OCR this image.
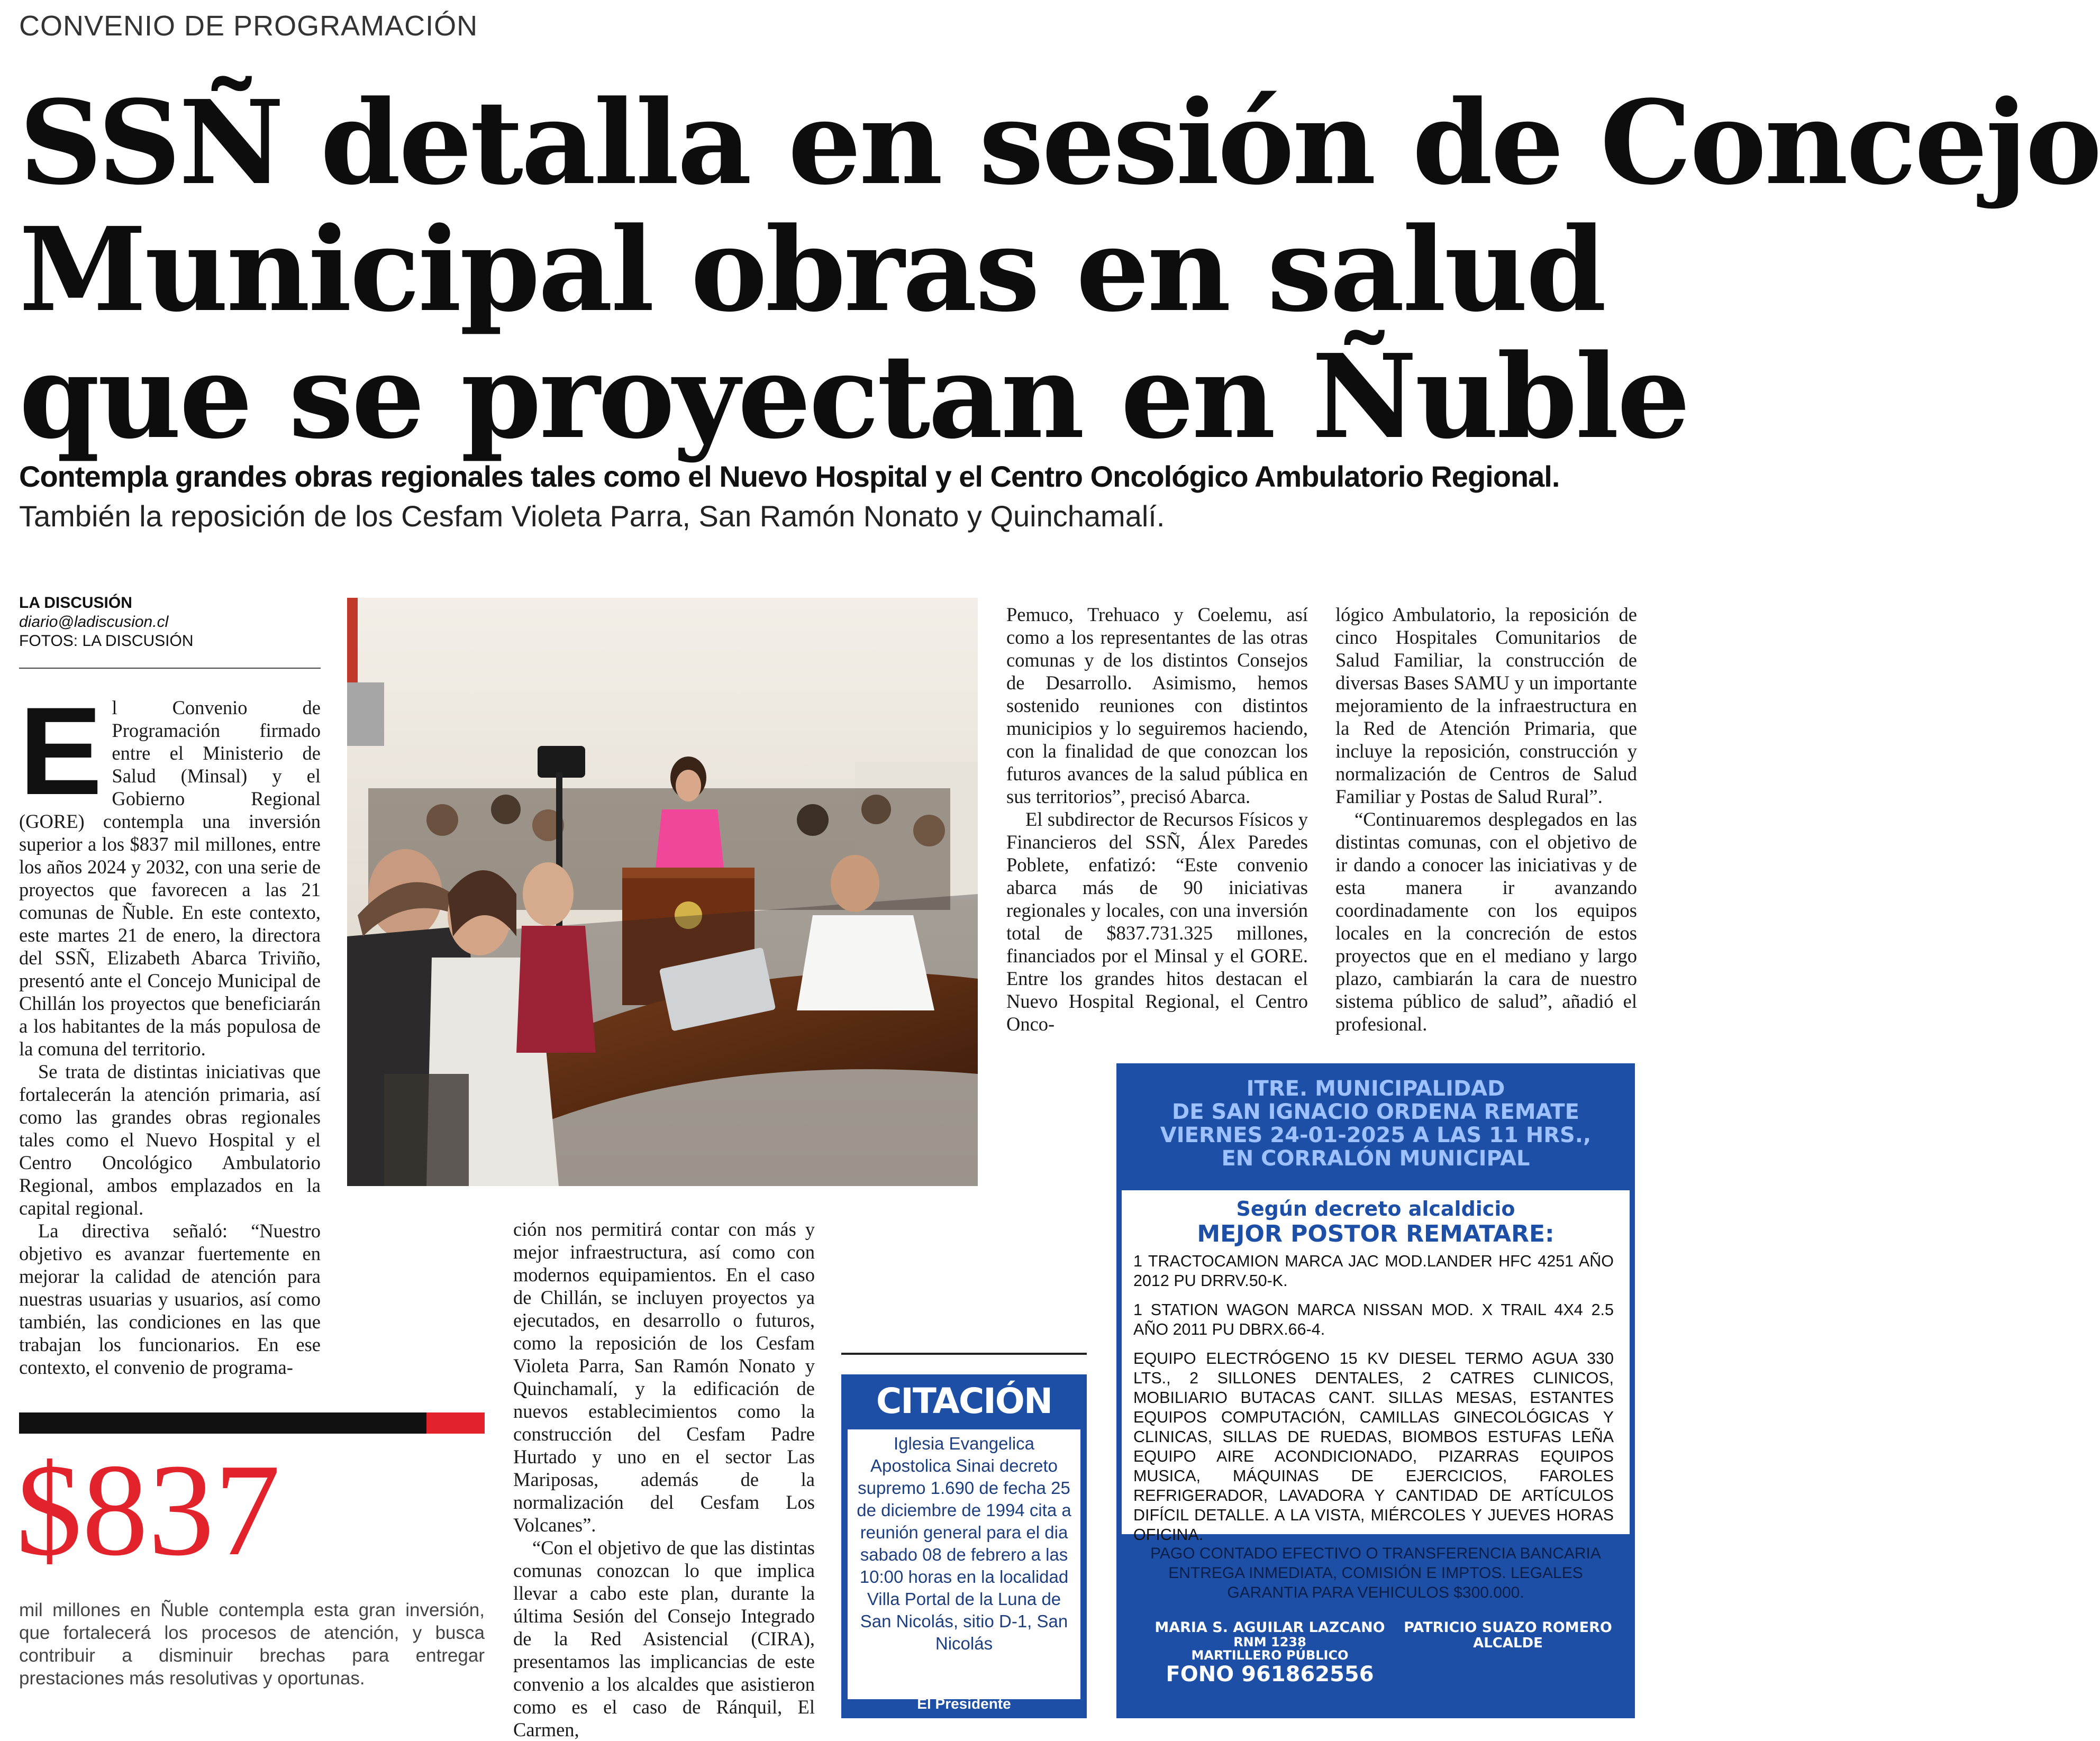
CONVENIO DE PROGRAMACIÓN
SSÑ detalla en sesión de Concejo
Municipal obras en salud
que se proyectan en Ñuble
Contempla grandes obras regionales tales como el Nuevo Hospital y el Centro Oncológico Ambulatorio Regional.
También la reposición de los Cesfam Violeta Parra, San Ramón Nonato y Quinchamalí.
LA DISCUSIÓN
diario@ladiscusion.cl
FOTOS: LA DISCUSIÓN

El Convenio de Programación firmado entre el Ministerio de Salud (Minsal) y el Gobierno Regional (GORE) contempla una inversión superior a los $837 mil millones, entre los años 2024 y 2032, con una serie de proyectos que favorecen a las 21 comunas de Ñuble. En este contexto, este martes 21 de enero, la directora del SSÑ, Elizabeth Abarca Triviño, presentó ante el Concejo Municipal de Chillán los proyectos que beneficiarán a los habitantes de la más populosa de la comuna del territorio.

Se trata de distintas iniciativas que fortalecerán la atención primaria, así como las grandes obras regionales tales como el Nuevo Hospital y el Centro Oncológico Ambulatorio Regional, ambos emplazados en la capital regional.

La directiva señaló: “Nuestro objetivo es avanzar fuertemente en mejorar la calidad de atención para nuestras usuarias y usuarios, así como también, las condiciones en las que trabajan los funcionarios. En ese contexto, el convenio de programa-

ción nos permitirá contar con más y mejor infraestructura, así como con modernos equipamientos. En el caso de Chillán, se incluyen proyectos ya ejecutados, en desarrollo o futuros, como la reposición de los Cesfam Violeta Parra, San Ramón Nonato y Quinchamalí, y la edificación de nuevos establecimientos como la construcción del Cesfam Padre Hurtado y uno en el sector Las Mariposas, además de la normalización del Cesfam Los Volcanes”.

“Con el objetivo de que las distintas comunas conozcan lo que implica llevar a cabo este plan, durante la última Sesión del Consejo Integrado de la Red Asistencial (CIRA), presentamos las implicancias de este convenio a los alcaldes que asistieron como es el caso de Ránquil, El Carmen,

Pemuco, Trehuaco y Coelemu, así como a los representantes de las otras comunas y de los distintos Consejos de Desarrollo. Asimismo, hemos sostenido reuniones con distintos municipios y lo seguiremos haciendo, con la finalidad de que conozcan los futuros avances de la salud pública en sus territorios”, precisó Abarca.

El subdirector de Recursos Físicos y Financieros del SSÑ, Álex Paredes Poblete, enfatizó: “Este convenio abarca más de 90 iniciativas regionales y locales, con una inversión total de $837.731.325 millones, financiados por el Minsal y el GORE. Entre los grandes hitos destacan el Nuevo Hospital Regional, el Centro Onco-

lógico Ambulatorio, la reposición de cinco Hospitales Comunitarios de Salud Familiar, la construcción de diversas Bases SAMU y un importante mejoramiento de la infraestructura en la Red de Atención Primaria, que incluye la reposición, construcción y normalización de Centros de Salud Familiar y Postas de Salud Rural”.

“Continuaremos desplegados en las distintas comunas, con el objetivo de ir dando a conocer las iniciativas y de esta manera ir avanzando coordinadamente con los equipos locales en la concreción de estos proyectos que en el mediano y largo plazo, cambiarán la cara de nuestro sistema público de salud”, añadió el profesional.

$837
mil millones en Ñuble contempla esta gran inversión, que fortalecerá los procesos de atención, y busca contribuir a disminuir brechas para entregar prestaciones más resolutivas y oportunas.
CITACIÓN
Iglesia Evangelica Apostolica Sinai decreto supremo 1.690 de fecha 25 de diciembre de 1994 cita a reunión general para el dia sabado 08 de febrero a las 10:00 horas en la localidad Villa Portal de la Luna de San Nicolás, sitio D-1, San Nicolás
El Presidente
ITRE. MUNICIPALIDAD
DE SAN IGNACIO ORDENA REMATE
VIERNES 24-01-2025 A LAS 11 HRS.,
EN CORRALÓN MUNICIPAL
Según decreto alcaldicio
MEJOR POSTOR REMATARE:
1 TRACTOCAMION MARCA JAC MOD.LANDER HFC 4251 AÑO 2012 PU DRRV.50-K.
1 STATION WAGON MARCA NISSAN MOD. X TRAIL 4X4 2.5 AÑO 2011 PU DBRX.66-4.
EQUIPO ELECTRÓGENO 15 KV DIESEL TERMO AGUA 330 LTS., 2 SILLONES DENTALES, 2 CATRES CLINICOS, MOBILIARIO BUTACAS CANT. SILLAS MESAS, ESTANTES EQUIPOS COMPUTACIÓN, CAMILLAS GINECOLÓGICAS Y CLINICAS, SILLAS DE RUEDAS, BIOMBOS ESTUFAS LEÑA EQUIPO AIRE ACONDICIONADO, PIZARRAS EQUIPOS MUSICA, MÁQUINAS DE EJERCICIOS, FAROLES REFRIGERADOR, LAVADORA Y CANTIDAD DE ARTÍCULOS DIFÍCIL DETALLE. A LA VISTA, MIÉRCOLES Y JUEVES HORAS OFICINA.
PAGO CONTADO EFECTIVO O TRANSFERENCIA BANCARIA
ENTREGA INMEDIATA, COMISIÓN E IMPTOS. LEGALES
GARANTIA PARA VEHICULOS $300.000.
MARIA S. AGUILAR LAZCANO
RNM 1238
MARTILLERO PÚBLICO
FONO 961862556
PATRICIO SUAZO ROMERO
ALCALDE
